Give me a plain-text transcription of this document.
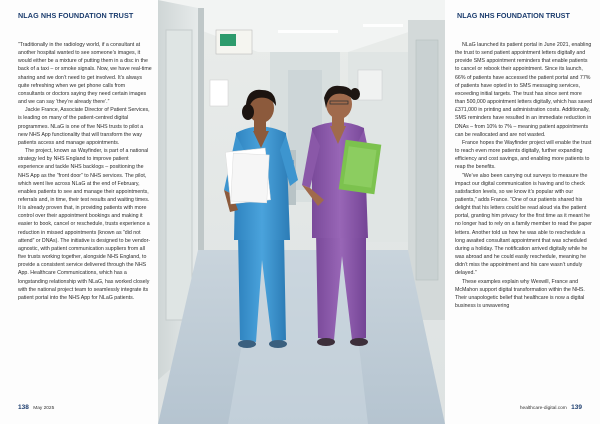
NLAG NHS FOUNDATION TRUST

“Traditionally in the radiology world, if a consultant at another hospital wanted to see someone’s images, it would either be a mixture of putting them in a disc in the back of a taxi – or smoke signals. Now, we have real-time sharing and we don’t need to get involved. It’s always quite refreshing when we get phone calls from consultants or doctors saying they need certain images and we can say ‘they’re already there’.”

Jackie France, Associate Director of Patient Services, is leading on many of the patient-centred digital programmes. NLaG is one of five NHS trusts to pilot a new NHS App functionality that will transform the way patients access and manage appointments.

The project, known as Wayfinder, is part of a national strategy led by NHS England to improve patient experience and tackle NHS backlogs – positioning the NHS App as the “front door” to NHS services. The pilot, which went live across NLaG at the end of February, enables patients to see and manage their appointments, referrals and, in time, their test results and waiting times. It is already proven that, in providing patients with more control over their appointment bookings and making it easier to book, cancel or reschedule, trusts experience a reduction in missed appointments (known as “did not attend” or DNAs). The initiative is designed to be vendor-agnostic, with patient communication suppliers from all five trusts working together, alongside NHS England, to provide a consistent service delivered through the NHS App. Healthcare Communications, which has a longstanding relationship with NLaG, has worked closely with the national project team to seamlessly integrate its patient portal into the NHS App for NLaG patients.

138 May 2025
NLAG NHS FOUNDATION TRUST

NLaG launched its patient portal in June 2021, enabling the trust to send patient appointment letters digitally and provide SMS appointment reminders that enable patients to cancel or rebook their appointment. Since its launch, 66% of patients have accessed the patient portal and 77% of patients have opted in to SMS messaging services, exceeding initial targets. The trust has since sent more than 500,000 appointment letters digitally, which has saved £371,000 in printing and administration costs. Additionally, SMS reminders have resulted in an immediate reduction in DNAs – from 10% to 7% – meaning patient appointments can be reallocated and are not wasted.

France hopes the Wayfinder project will enable the trust to reach even more patients digitally, further expanding efficiency and cost savings, and enabling more patients to reap the benefits.

“We’ve also been carrying out surveys to measure the impact our digital communication is having and to check satisfaction levels, so we know it’s popular with our patients,” adds France. “One of our patients shared his delight that his letters could be read aloud via the patient portal, granting him privacy for the first time as it meant he no longer had to rely on a family member to read the paper letters. Another told us how he was able to reschedule a long awaited consultant appointment that was scheduled during a holiday. The notification arrived digitally while he was abroad and he could easily reschedule, meaning he didn’t miss the appointment and his care wasn’t unduly delayed.”

These examples explain why Wexwill, France and McMahon support digital transformation within the NHS. Their unapologetic belief that healthcare is now a digital business is unwavering

healthcare-digital.com 139
